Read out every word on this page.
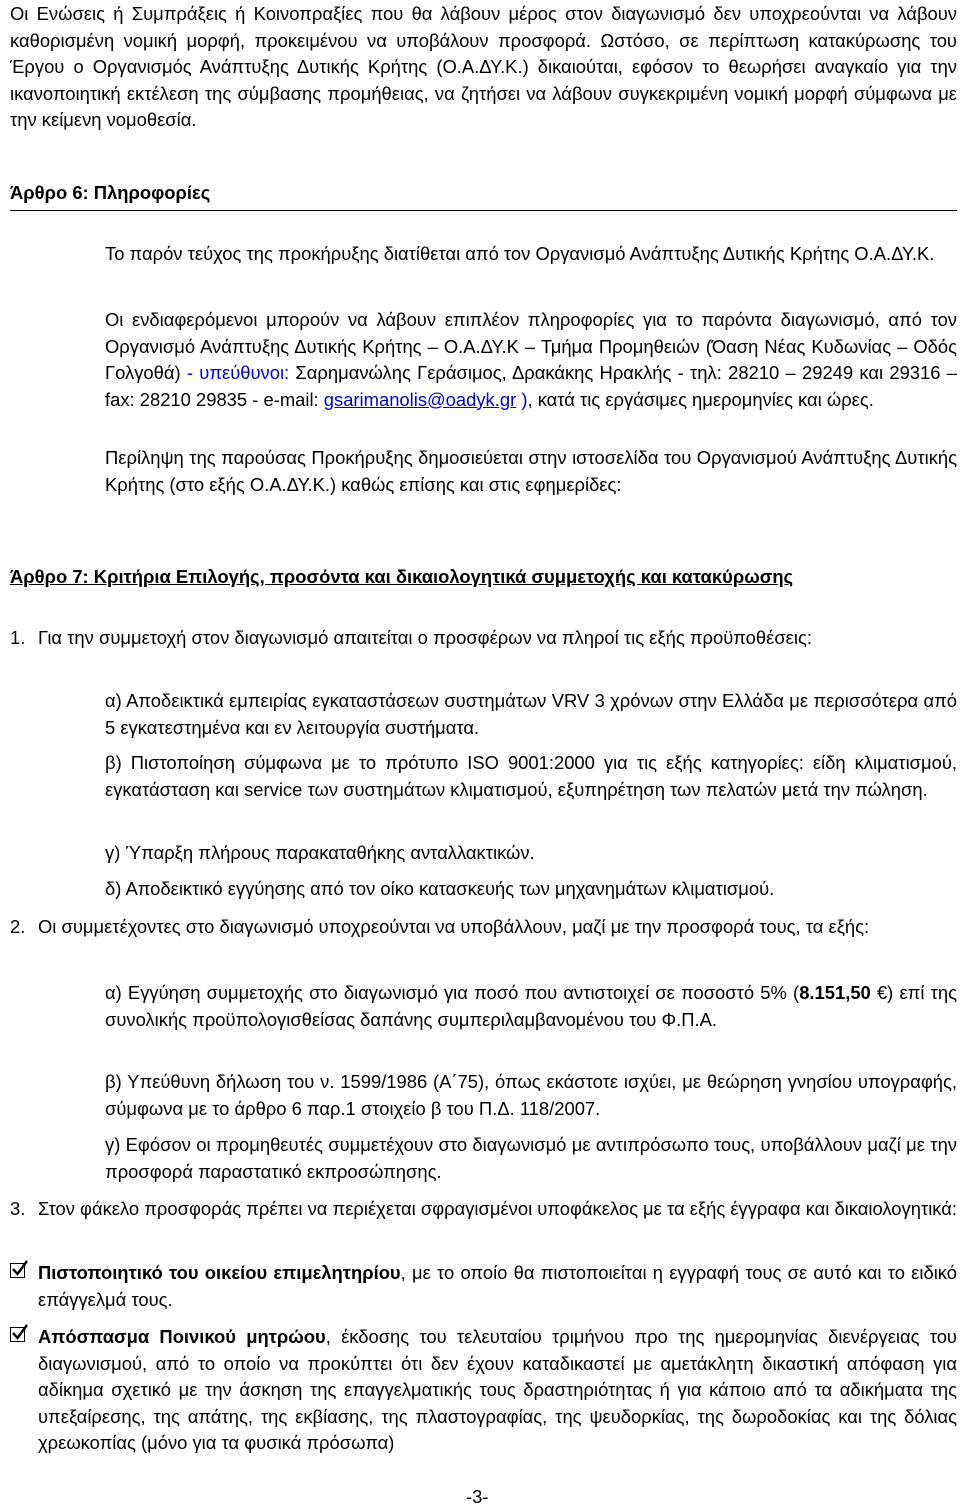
Οι Ενώσεις ή Συμπράξεις ή Κοινοπραξίες που θα λάβουν μέρος στον διαγωνισμό δεν υποχρεούνται να λάβουν καθορισμένη νομική μορφή, προκειμένου να υποβάλουν προσφορά. Ωστόσο, σε περίπτωση κατακύρωσης του Έργου ο Οργανισμός Ανάπτυξης Δυτικής Κρήτης (Ο.Α.ΔΥ.Κ.) δικαιούται, εφόσον το θεωρήσει αναγκαίο για την ικανοποιητική εκτέλεση της σύμβασης προμήθειας, να ζητήσει να λάβουν συγκεκριμένη νομική μορφή σύμφωνα με την κείμενη νομοθεσία.

Άρθρο 6: Πληροφορίες

Το παρόν τεύχος της προκήρυξης διατίθεται από τον Οργανισμό Ανάπτυξης Δυτικής Κρήτης Ο.Α.ΔΥ.Κ.

Οι ενδιαφερόμενοι μπορούν να λάβουν επιπλέον πληροφορίες για το παρόντα διαγωνισμό, από τον Οργανισμό Ανάπτυξης Δυτικής Κρήτης – Ο.Α.ΔΥ.Κ – Τμήμα Προμηθειών (Όαση Νέας Κυδωνίας – Οδός Γολγοθά) - υπεύθυνοι: Σαρημανώλης Γεράσιμος, Δρακάκης Ηρακλής - τηλ: 28210 – 29249 και 29316 – fax: 28210 29835 - e-mail: gsarimanolis@oadyk.gr ), κατά τις εργάσιμες ημερομηνίες και ώρες.

Περίληψη της παρούσας Προκήρυξης δημοσιεύεται στην ιστοσελίδα του Οργανισμού Ανάπτυξης Δυτικής Κρήτης (στο εξής Ο.Α.ΔΥ.Κ.) καθώς επίσης και στις εφημερίδες:

Άρθρο 7: Κριτήρια Επιλογής, προσόντα και δικαιολογητικά συμμετοχής και κατακύρωσης
1. Για την συμμετοχή στον διαγωνισμό απαιτείται ο προσφέρων να πληροί τις εξής προϋποθέσεις:

α) Αποδεικτικά εμπειρίας εγκαταστάσεων συστημάτων VRV 3 χρόνων στην Ελλάδα με περισσότερα από 5 εγκατεστημένα και εν λειτουργία συστήματα.

β) Πιστοποίηση σύμφωνα με το πρότυπο ISO 9001:2000 για τις εξής κατηγορίες: είδη κλιματισμού, εγκατάσταση και service των συστημάτων κλιματισμού, εξυπηρέτηση των πελατών μετά την πώληση.

γ) Ύπαρξη πλήρους παρακαταθήκης ανταλλακτικών.

δ) Αποδεικτικό εγγύησης από τον οίκο κατασκευής των μηχανημάτων κλιματισμού.

2. Οι συμμετέχοντες στο διαγωνισμό υποχρεούνται να υποβάλλουν, μαζί με την προσφορά τους, τα εξής:

α) Εγγύηση συμμετοχής στο διαγωνισμό για ποσό που αντιστοιχεί σε ποσοστό 5% (8.151,50 €) επί της συνολικής προϋπολογισθείσας δαπάνης συμπεριλαμβανομένου του Φ.Π.Α.

β) Υπεύθυνη δήλωση του ν. 1599/1986 (Α΄75), όπως εκάστοτε ισχύει, με θεώρηση γνησίου υπογραφής, σύμφωνα με το άρθρο 6 παρ.1 στοιχείο β του Π.Δ. 118/2007.

γ) Εφόσον οι προμηθευτές συμμετέχουν στο διαγωνισμό με αντιπρόσωπο τους, υποβάλλουν μαζί με την προσφορά παραστατικό εκπροσώπησης.

3. Στον φάκελο προσφοράς πρέπει να περιέχεται σφραγισμένοι υποφάκελος με τα εξής έγγραφα και δικαιολογητικά:

Πιστοποιητικό του οικείου επιμελητηρίου, με το οποίο θα πιστοποιείται η εγγραφή τους σε αυτό και το ειδικό επάγγελμά τους.

Απόσπασμα Ποινικού μητρώου, έκδοσης του τελευταίου τριμήνου προ της ημερομηνίας διενέργειας του διαγωνισμού, από το οποίο να προκύπτει ότι δεν έχουν καταδικαστεί με αμετάκλητη δικαστική απόφαση για αδίκημα σχετικό με την άσκηση της επαγγελματικής τους δραστηριότητας ή για κάποιο από τα αδικήματα της υπεξαίρεσης, της απάτης, της εκβίασης, της πλαστογραφίας, της ψευδορκίας, της δωροδοκίας και της δόλιας χρεωκοπίας (μόνο για τα φυσικά πρόσωπα)

-3-
